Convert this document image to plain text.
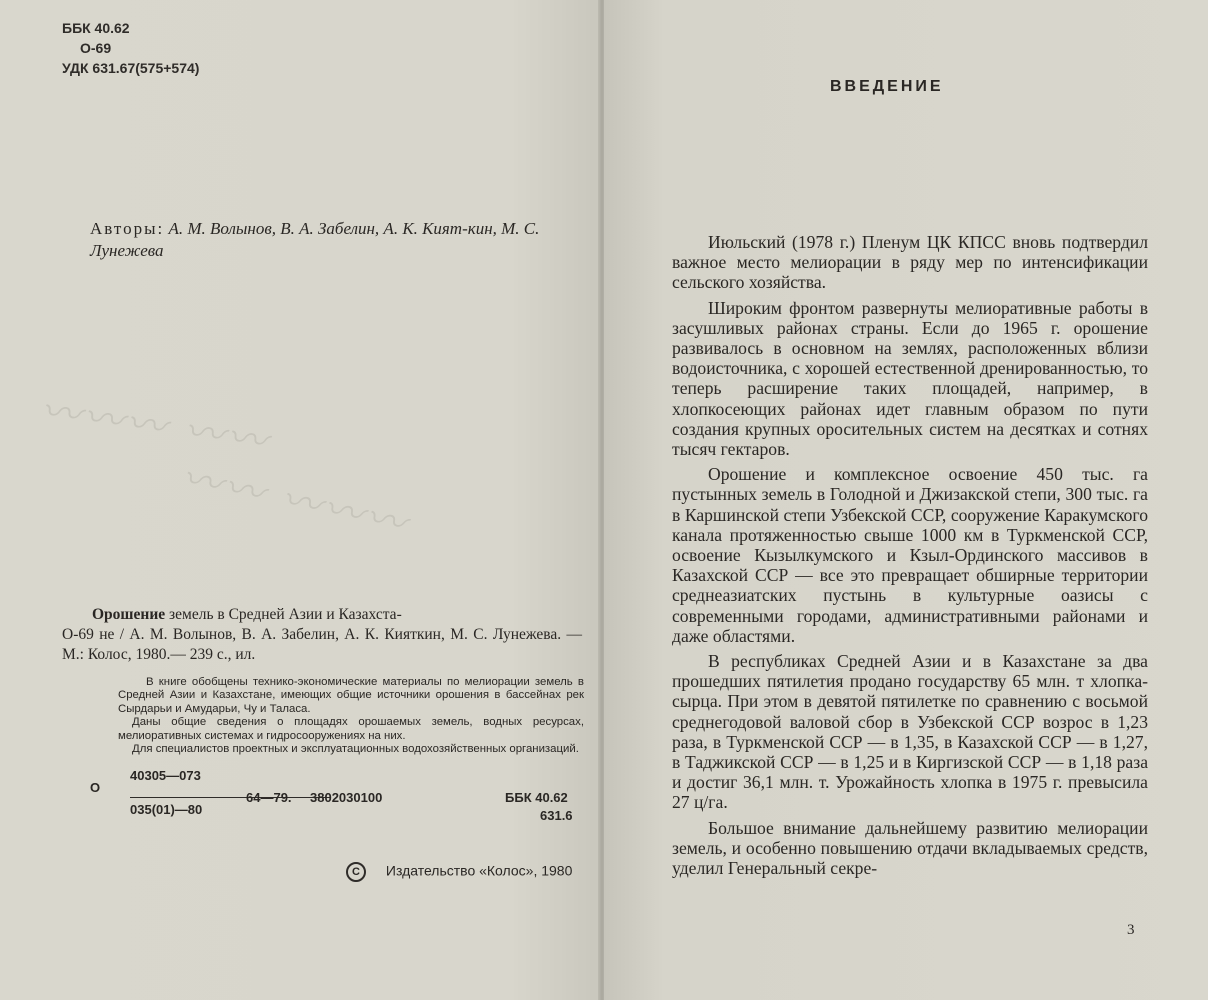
〰〰〰 〰〰
〰〰 〰〰〰
ББК 40.62
О-69
УДК 631.67(575+574)
Авторы: А. М. Волынов, В. А. Забелин, А. К. Кият-кин, М. С. Лунежева
Орошение земель в Средней Азии и Казахста-
О-69 не / А. М. Волынов, В. А. Забелин, А. К. Кияткин, М. С. Лунежева. — М.: Колос, 1980.— 239 с., ил.

В книге обобщены технико-экономические материалы по мелиорации земель в Средней Азии и Казахстане, имеющих общие источники орошения в бассейнах рек Сырдарьи и Амударьи, Чу и Таласа.

Даны общие сведения о площадях орошаемых земель, водных ресурсах, мелиоративных системах и гидросооружениях на них.

Для специалистов проектных и эксплуатационных водохозяйственных организаций.

О
40305—073
035(01)—80
64—79. 3802030100	ББК 40.62
631.6
C Издательство «Колос», 1980
ВВЕДЕНИЕ

Июльский (1978 г.) Пленум ЦК КПСС вновь подтвердил важное место мелиорации в ряду мер по интенсификации сельского хозяйства.

Широким фронтом развернуты мелиоративные работы в засушливых районах страны. Если до 1965 г. орошение развивалось в основном на землях, расположенных вблизи водоисточника, с хорошей естественной дренированностью, то теперь расширение таких площадей, например, в хлопкосеющих районах идет главным образом по пути создания крупных оросительных систем на десятках и сотнях тысяч гектаров.

Орошение и комплексное освоение 450 тыс. га пустынных земель в Голодной и Джизакской степи, 300 тыс. га в Каршинской степи Узбекской ССР, сооружение Каракумского канала протяженностью свыше 1000 км в Туркменской ССР, освоение Кызылкумского и Кзыл-Ординского массивов в Казахской ССР — все это превращает обширные территории среднеазиатских пустынь в культурные оазисы с современными городами, административными районами и даже областями.

В республиках Средней Азии и в Казахстане за два прошедших пятилетия продано государству 65 млн. т хлопка-сырца. При этом в девятой пятилетке по сравнению с восьмой среднегодовой валовой сбор в Узбекской ССР возрос в 1,23 раза, в Туркменской ССР — в 1,35, в Казахской ССР — в 1,27, в Таджикской ССР — в 1,25 и в Киргизской ССР — в 1,18 раза и достиг 36,1 млн. т. Урожайность хлопка в 1975 г. превысила 27 ц/га.

Большое внимание дальнейшему развитию мелиорации земель, и особенно повышению отдачи вкладываемых средств, уделил Генеральный секре-

3
